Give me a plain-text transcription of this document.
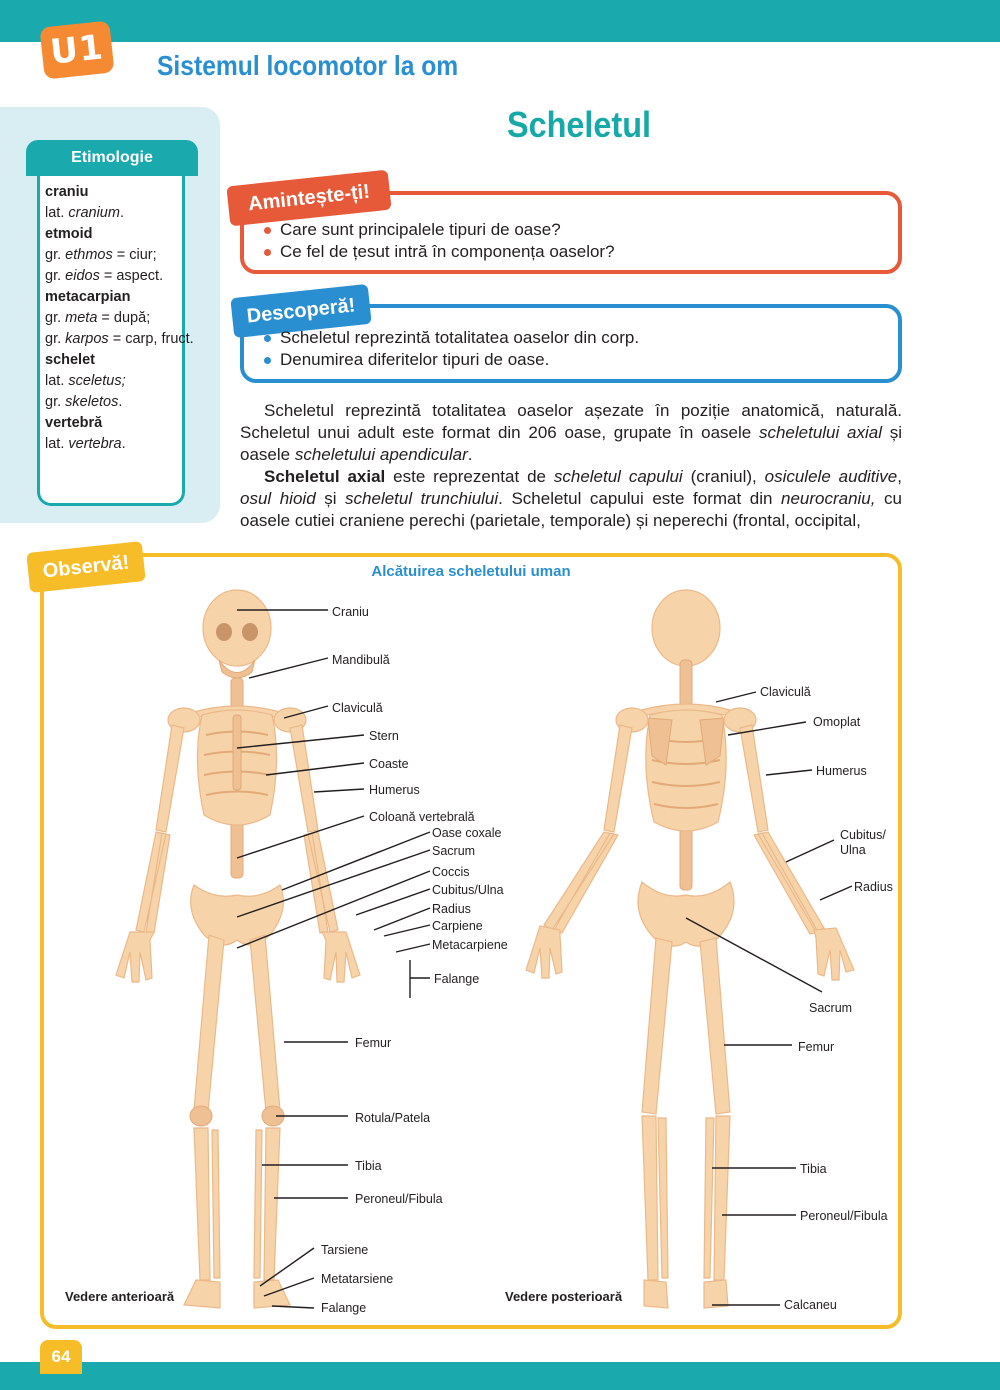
U1	Sistemul locomotor la om
Scheletul
Etimologie
craniu
lat. cranium.
etmoid
gr. ethmos = ciur;
gr. eidos = aspect.
metacarpian
gr. meta = după;
gr. karpos = carp, fruct.
schelet
lat. sceletus;
gr. skeletos.
vertebră
lat. vertebra.
Amintește-ți!
Care sunt principalele tipuri de oase?
Ce fel de țesut intră în componența oaselor?
Descoperă!
Scheletul reprezintă totalitatea oaselor din corp.
Denumirea diferitelor tipuri de oase.

Scheletul reprezintă totalitatea oaselor așezate în poziție anatomică, naturală. Scheletul unui adult este format din 206 oase, grupate în oasele scheletului axial și oasele scheletului apendicular.

Scheletul axial este reprezentat de scheletul capului (craniul), osiculele auditive, osul hioid și scheletul trunchiului. Scheletul capului este format din neurocraniu, cu oasele cutiei craniene perechi (parietale, temporale) și neperechi (frontal, occipital,

Observă!	Alcătuirea scheletului uman
Craniu
Mandibulă
Claviculă
Stern
Coaste
Humerus
Coloană vertebrală
Oase coxale
Sacrum
Coccis
Cubitus/Ulna
Radius
Carpiene
Metacarpiene
Falange
Femur
Rotula/Patela
Tibia
Peroneul/Fibula
Tarsiene
Metatarsiene
Falange
Vedere anterioară
Claviculă
Omoplat
Humerus
Cubitus/
Ulna
Radius
Sacrum
Femur
Tibia
Peroneul/Fibula
Calcaneu
Vedere posterioară
64
